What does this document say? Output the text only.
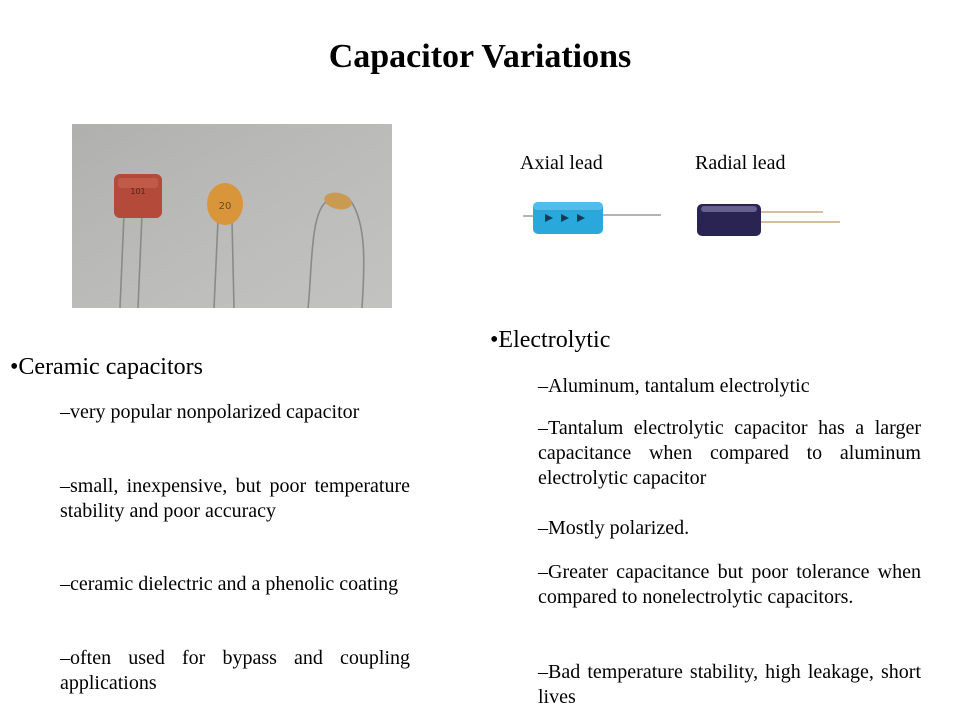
Capacitor Variations
101
20
Axial lead	Radial lead
•Ceramic capacitors
–very popular nonpolarized capacitor
–small, inexpensive, but poor temperature stability and poor accuracy
–ceramic dielectric and a phenolic coating
–often used for bypass and coupling applications
•Electrolytic
–Aluminum, tantalum electrolytic
–Tantalum electrolytic capacitor has a larger capacitance when compared to aluminum electrolytic capacitor
–Mostly polarized.
–Greater capacitance but poor tolerance when compared to nonelectrolytic capacitors.
–Bad temperature stability, high leakage, short lives
